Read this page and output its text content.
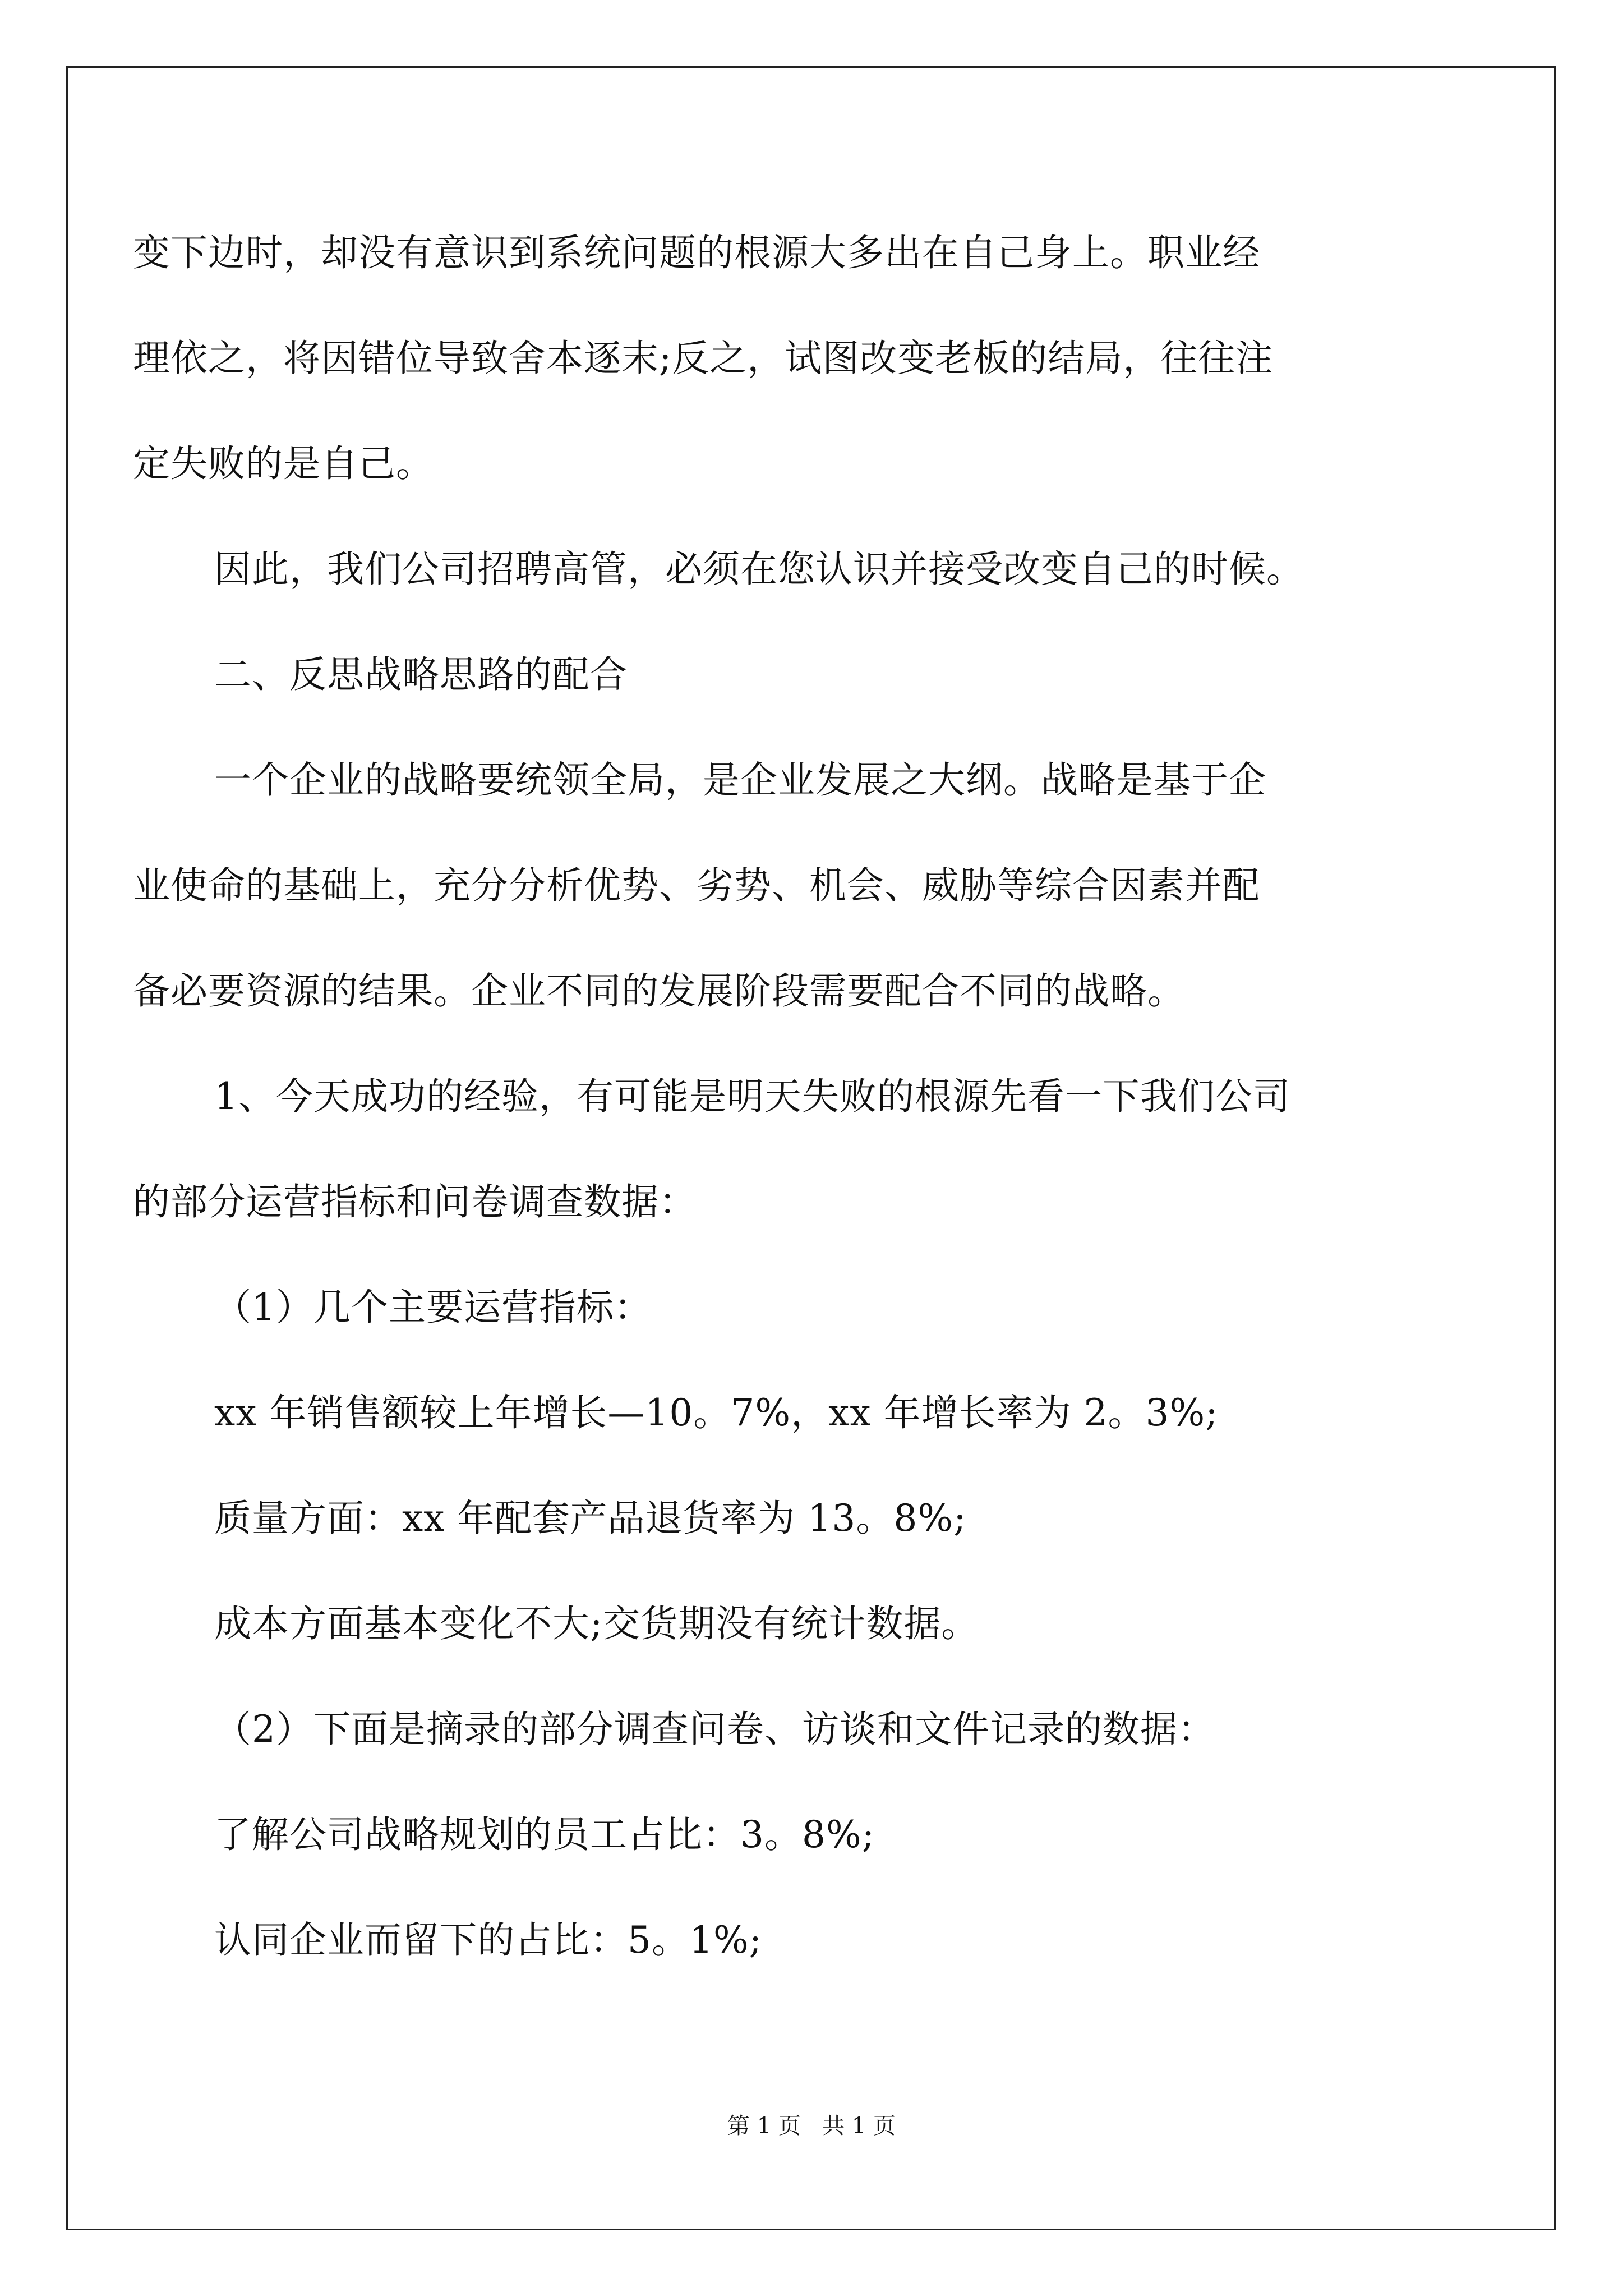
变下边时，却没有意识到系统问题的根源大多出在自己身上。职业经
理依之，将因错位导致舍本逐末;反之，试图改变老板的结局，往往注
定失败的是自己。
因此，我们公司招聘高管，必须在您认识并接受改变自己的时候。
二、反思战略思路的配合
一个企业的战略要统领全局，是企业发展之大纲。战略是基于企
业使命的基础上，充分分析优势、劣势、机会、威胁等综合因素并配
备必要资源的结果。企业不同的发展阶段需要配合不同的战略。
1、今天成功的经验，有可能是明天失败的根源先看一下我们公司
的部分运营指标和问卷调查数据：
（1）几个主要运营指标：
xx 年销售额较上年增长—10。7%，xx 年增长率为 2。3%;
质量方面：xx 年配套产品退货率为 13。8%;
成本方面基本变化不大;交货期没有统计数据。
（2）下面是摘录的部分调查问卷、访谈和文件记录的数据：
了解公司战略规划的员工占比：3。8%;
认同企业而留下的占比：5。1%;
第 1 页   共 1 页
